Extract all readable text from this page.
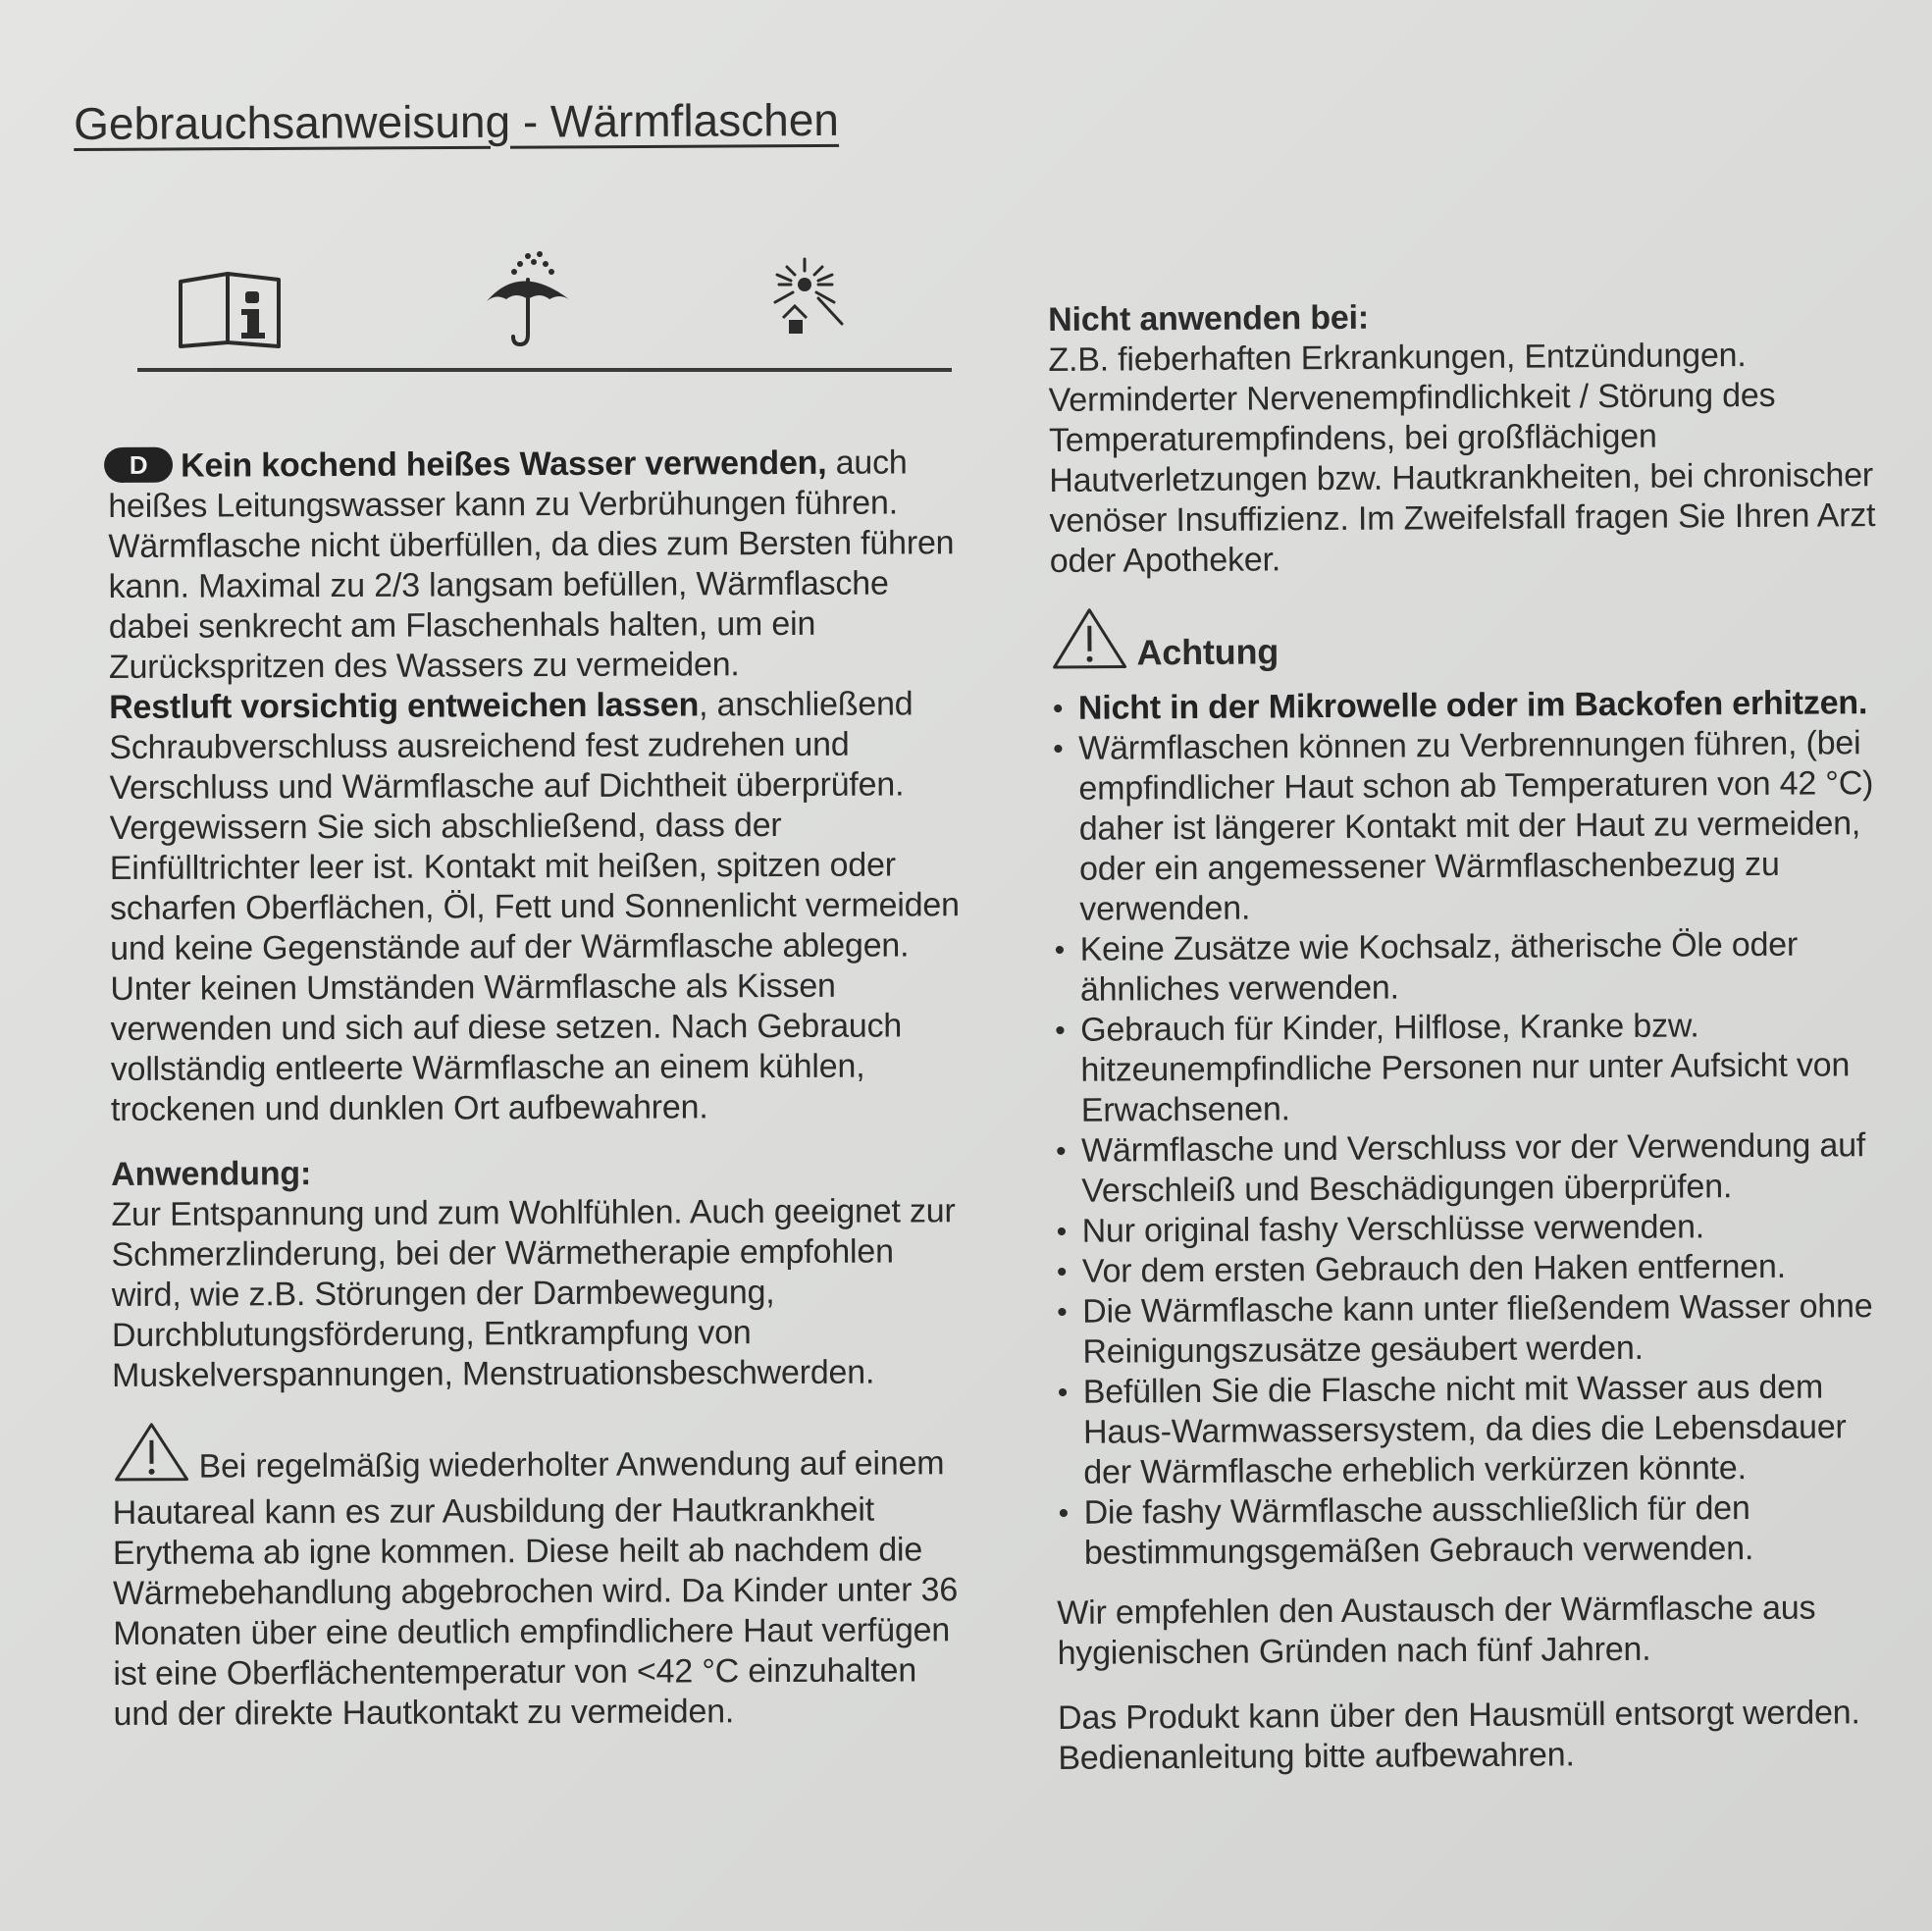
Gebrauchsanweisung - Wärmflaschen

D Kein kochend heißes Wasser verwenden, auch heißes Leitungswasser kann zu Verbrühungen führen. Wärmflasche nicht überfüllen, da dies zum Bersten führen kann. Maximal zu 2/3 langsam befüllen, Wärmflasche dabei senkrecht am Flaschenhals halten, um ein Zurückspritzen des Wassers zu vermeiden.
Restluft vorsichtig entweichen lassen, anschließend Schraubverschluss ausreichend fest zudrehen und Verschluss und Wärmflasche auf Dichtheit überprüfen. Vergewissern Sie sich abschließend, dass der Einfülltrichter leer ist. Kontakt mit heißen, spitzen oder scharfen Oberflächen, Öl, Fett und Sonnenlicht vermeiden und keine Gegenstände auf der Wärmflasche ablegen. Unter keinen Umständen Wärmflasche als Kissen verwenden und sich auf diese setzen. Nach Gebrauch vollständig entleerte Wärmflasche an einem kühlen, trockenen und dunklen Ort aufbewahren.

Anwendung:

Zur Entspannung und zum Wohlfühlen. Auch geeignet zur Schmerzlinderung, bei der Wärmetherapie empfohlen wird, wie z.B. Störungen der Darmbewegung, Durchblutungsförderung, Entkrampfung von Muskelverspannungen, Menstruationsbeschwerden.

Bei regelmäßig wiederholter Anwendung auf einem Hautareal kann es zur Ausbildung der Hautkrankheit Erythema ab igne kommen. Diese heilt ab nachdem die Wärmebehandlung abgebrochen wird. Da Kinder unter 36 Monaten über eine deutlich empfindlichere Haut verfügen ist eine Oberflächentemperatur von <42 °C einzuhalten und der direkte Hautkontakt zu vermeiden.

Nicht anwenden bei:

Z.B. fieberhaften Erkrankungen, Entzündungen. Verminderter Nervenempfindlichkeit / Störung des Temperaturempfindens, bei großflächigen Hautverletzungen bzw. Hautkrankheiten, bei chronischer venöser Insuffizienz. Im Zweifelsfall fragen Sie Ihren Arzt oder Apotheker.

Achtung

• Nicht in der Mikrowelle oder im Backofen erhitzen.
• Wärmflaschen können zu Verbrennungen führen, (bei empfindlicher Haut schon ab Temperaturen von 42 °C) daher ist längerer Kontakt mit der Haut zu vermeiden, oder ein angemessener Wärmflaschenbezug zu verwenden.
• Keine Zusätze wie Kochsalz, ätherische Öle oder ähnliches verwenden.
• Gebrauch für Kinder, Hilflose, Kranke bzw. hitzeunempfindliche Personen nur unter Aufsicht von Erwachsenen.
• Wärmflasche und Verschluss vor der Verwendung auf Verschleiß und Beschädigungen überprüfen.
• Nur original fashy Verschlüsse verwenden.
• Vor dem ersten Gebrauch den Haken entfernen.
• Die Wärmflasche kann unter fließendem Wasser ohne Reinigungszusätze gesäubert werden.
• Befüllen Sie die Flasche nicht mit Wasser aus dem Haus-Warmwassersystem, da dies die Lebensdauer der Wärmflasche erheblich verkürzen könnte.
• Die fashy Wärmflasche ausschließlich für den bestimmungsgemäßen Gebrauch verwenden.

Wir empfehlen den Austausch der Wärmflasche aus hygienischen Gründen nach fünf Jahren.

Das Produkt kann über den Hausmüll entsorgt werden. Bedienanleitung bitte aufbewahren.
